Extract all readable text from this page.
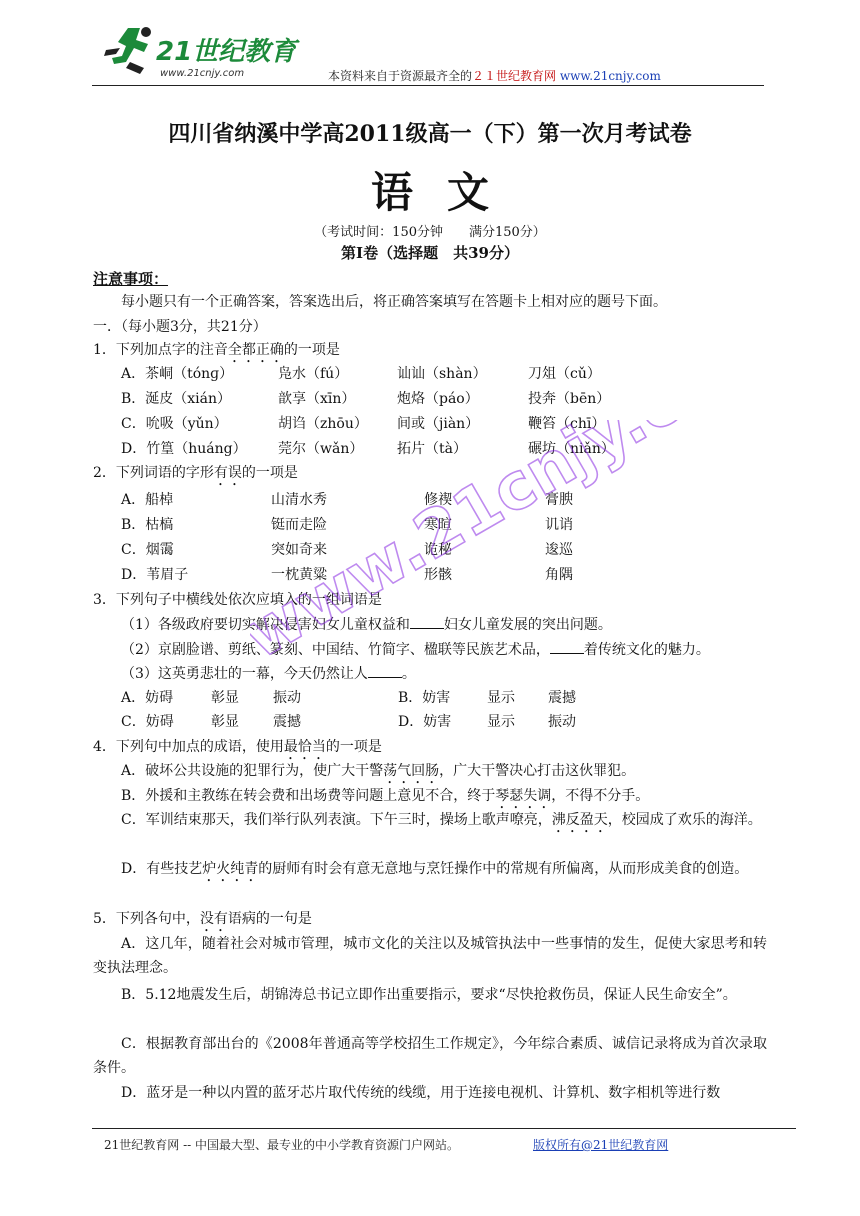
21世纪教育
www.21cnjy.com	本资料来自于资源最齐全的２１世纪教育网 www.21cnjy.com
四川省纳溪中学高2011级高一（下）第一次月考试卷
语文
（考试时间：150分钟　　满分150分）
第Ⅰ卷（选择题　共39分）
注意事项：
每小题只有一个正确答案，答案选出后，将正确答案填写在答题卡上相对应的题号下面。
一．（每小题3分，共21分）
1．下列加点字的注音全都正确的一项是
A．茶峒（tónɡ）	凫水（fú）	讪讪（shàn）	刀俎（cǔ）
B．涎皮（xián）	歆享（xīn）	炮烙（páo）	投奔（bēn）
C．吮吸（yǔn）	胡诌（zhōu） 间或（jiàn）	鞭笞（chī）
D．竹篁（huáng） 莞尔（wǎn） 拓片（tà）	碾坊（niǎn）
2．下列词语的字形有误的一项是
A．船棹	山清水秀	修禊	膏腴
B．枯槁	铤而走险	寒暄	讥诮
C．烟霭	突如奇来	诡秘	逡巡
D．苇眉子	一枕黄粱	形骸	角隅
3．下列句子中横线处依次应填入的一组词语是
（1）各级政府要切实解决侵害妇女儿童权益和 妇女儿童发展的突出问题。
（2）京剧脸谱、剪纸、篆刻、中国结、竹简字、楹联等民族艺术品， 着传统文化的魅力。
（3）这英勇悲壮的一幕，今天仍然让人 。
A．妨碍	彰显 振动	B．妨害	显示 震撼
C．妨碍	彰显 震撼	D．妨害	显示 振动
4．下列句中加点的成语，使用最恰当的一项是
A．破坏公共设施的犯罪行为，使广大干警荡气回肠，广大干警决心打击这伙罪犯。
B．外援和主教练在转会费和出场费等问题上意见不合，终于琴瑟失调，不得不分手。
C．军训结束那天，我们举行队列表演。下午三时，操场上歌声嘹亮，沸反盈天，校园成了欢乐的海洋。
D．有些技艺炉火纯青的厨师有时会有意无意地与烹饪操作中的常规有所偏离，从而形成美食的创造。
5．下列各句中，没有语病的一句是
A．这几年，随着社会对城市管理，城市文化的关注以及城管执法中一些事情的发生，促使大家思考和转变执法理念。
B．5.12地震发生后，胡锦涛总书记立即作出重要指示，要求“尽快抢救伤员，保证人民生命安全”。
C．根据教育部出台的《2008年普通高等学校招生工作规定》，今年综合素质、诚信记录将成为首次录取条件。
D．蓝牙是一种以内置的蓝牙芯片取代传统的线缆，用于连接电视机、计算机、数字相机等进行数
www.21cnjy.com
21世纪教育网 -- 中国最大型、最专业的中小学教育资源门户网站。	版权所有@21世纪教育网
